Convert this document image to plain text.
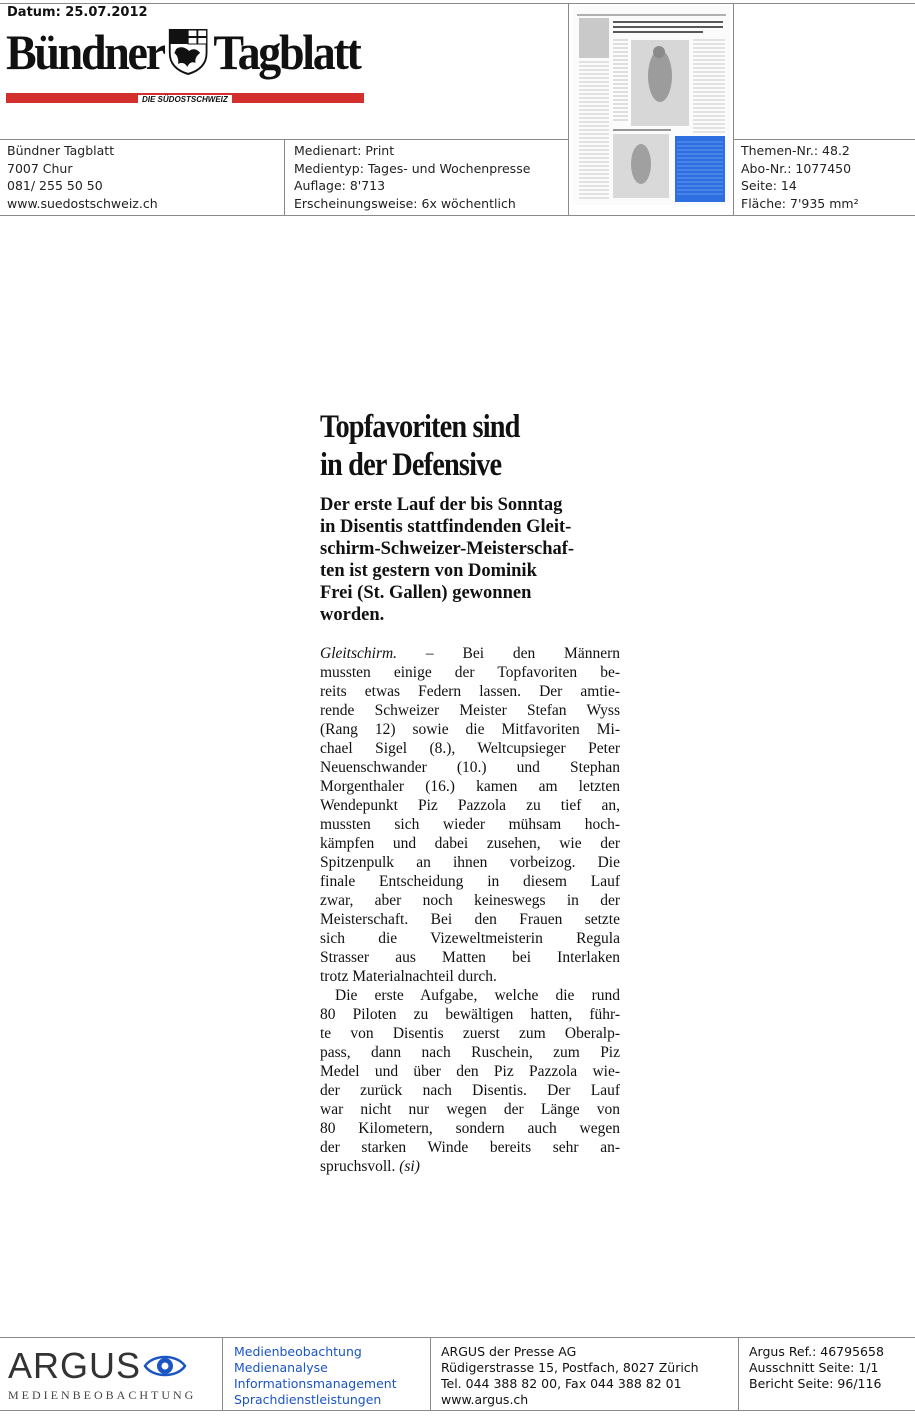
Datum: 25.07.2012
Bündner Tagblatt
DIE SÜDOSTSCHWEIZ
Bündner Tagblatt
7007 Chur
081/ 255 50 50
www.suedostschweiz.ch
Medienart: Print
Medientyp: Tages- und Wochenpresse
Auflage: 8'713
Erscheinungsweise: 6x wöchentlich
Themen-Nr.: 48.2
Abo-Nr.: 1077450
Seite: 14
Fläche: 7'935 mm²
Topfavoriten sind
in der Defensive
Der erste Lauf der bis Sonntag
in Disentis stattfindenden Gleit-
schirm-Schweizer-Meisterschaf-
ten ist gestern von Dominik
Frei (St. Gallen) gewonnen
worden.
Gleitschirm. – Bei den Männern
mussten einige der Topfavoriten be-
reits etwas Federn lassen. Der amtie-
rende Schweizer Meister Stefan Wyss
(Rang 12) sowie die Mitfavoriten Mi-
chael Sigel (8.), Weltcupsieger Peter
Neuenschwander (10.) und Stephan
Morgenthaler (16.) kamen am letzten
Wendepunkt Piz Pazzola zu tief an,
mussten sich wieder mühsam hoch-
kämpfen und dabei zusehen, wie der
Spitzenpulk an ihnen vorbeizog. Die
finale Entscheidung in diesem Lauf
zwar, aber noch keineswegs in der
Meisterschaft. Bei den Frauen setzte
sich die Vizeweltmeisterin Regula
Strasser aus Matten bei Interlaken
trotz Materialnachteil durch.
Die erste Aufgabe, welche die rund
80 Piloten zu bewältigen hatten, führ-
te von Disentis zuerst zum Oberalp-
pass, dann nach Ruschein, zum Piz
Medel und über den Piz Pazzola wie-
der zurück nach Disentis. Der Lauf
war nicht nur wegen der Länge von
80 Kilometern, sondern auch wegen
der starken Winde bereits sehr an-
spruchsvoll. (si)
ARGUS
MEDIENBEOBACHTUNG
Medienbeobachtung
Medienanalyse
Informationsmanagement
Sprachdienstleistungen
ARGUS der Presse AG
Rüdigerstrasse 15, Postfach, 8027 Zürich
Tel. 044 388 82 00, Fax 044 388 82 01
www.argus.ch
Argus Ref.: 46795658
Ausschnitt Seite: 1/1
Bericht Seite: 96/116
